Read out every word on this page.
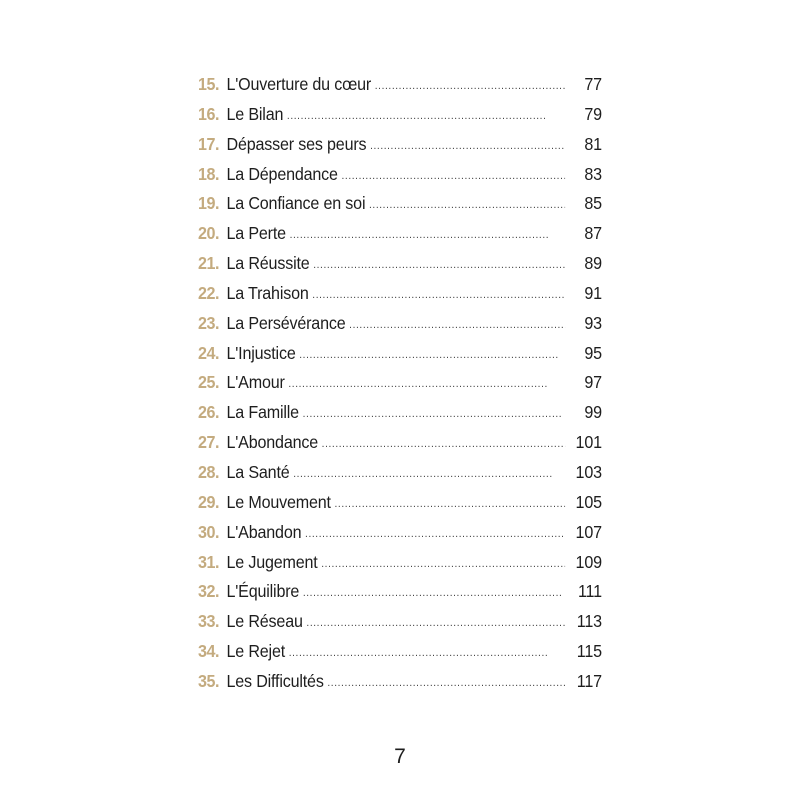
15. L'Ouverture du cœur . . .	77
16. Le Bilan . . .	79
17. Dépasser ses peurs . . .	81
18. La Dépendance . . .	83
19. La Confiance en soi . . .	85
20. La Perte . . .	87
21. La Réussite . . .	89
22. La Trahison . . .	91
23. La Persévérance . . .	93
24. L'Injustice . . .	95
25. L'Amour . . .	97
26. La Famille . . .	99
27. L'Abondance . . .	101
28. La Santé . . .	103
29. Le Mouvement . . .	105
30. L'Abandon . . .	107
31. Le Jugement . . .	109
32. L'Équilibre . . .	111
33. Le Réseau . . .	113
34. Le Rejet . . .	115
35. Les Difficultés . . .	117
7
